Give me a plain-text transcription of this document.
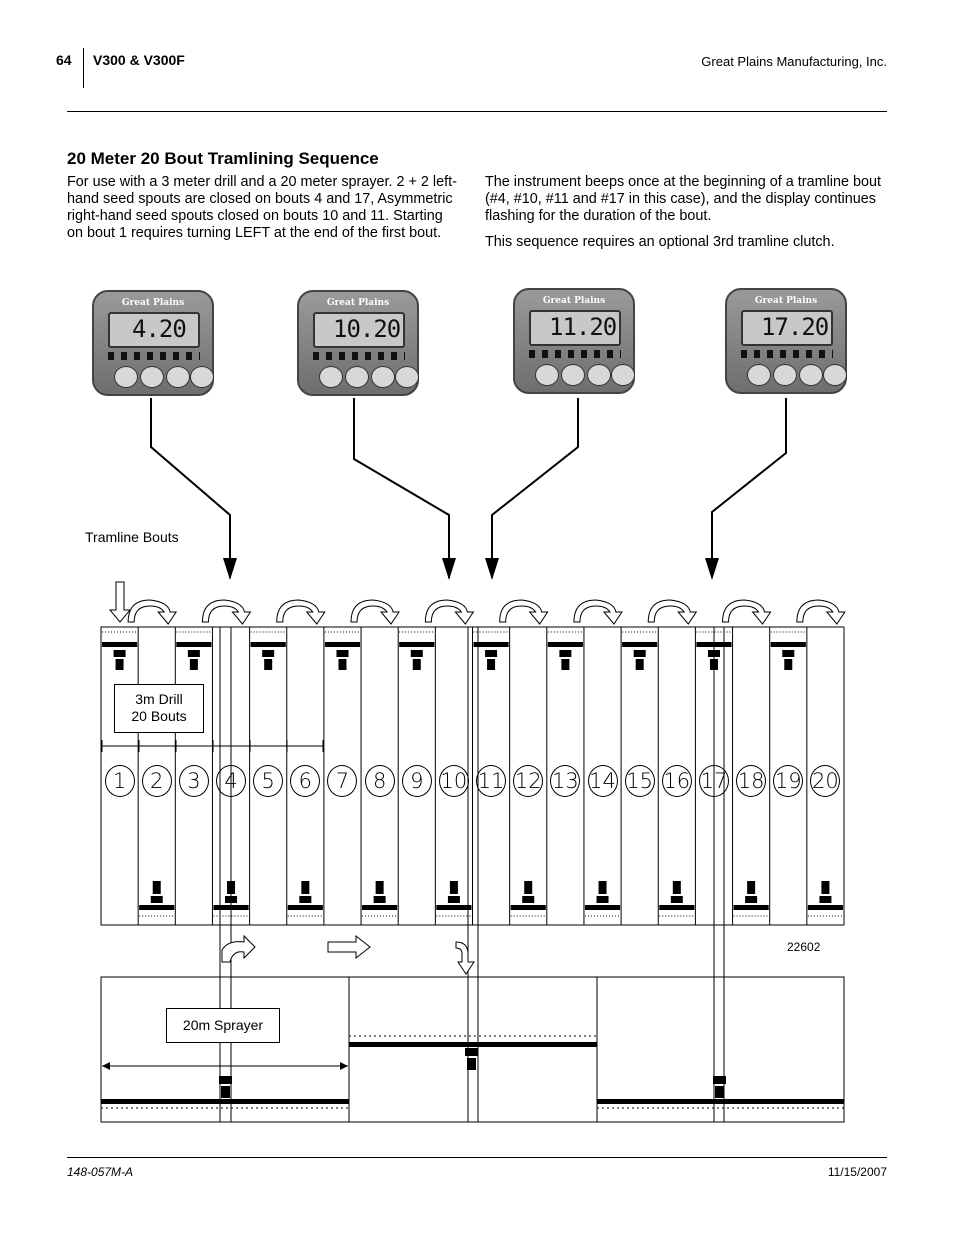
64 V300 & V300F	Great Plains Manufacturing, Inc.
20 Meter 20 Bout Tramlining Sequence
For use with a 3 meter drill and a 20 meter sprayer. 2 + 2 left-hand seed spouts are closed on bouts 4 and 17, Asymmetric right-hand seed spouts closed on bouts 10 and 11. Starting on bout 1 requires turning LEFT at the end of the first bout.
The instrument beeps once at the beginning of a tramline bout (#4, #10, #11 and #17 in this case), and the display continues flashing for the duration of the bout.
This sequence requires an optional 3rd tramline clutch.
Great Plains
4.20
Great Plains
10.20
Great Plains
11.20
Great Plains
17.20
Tramline Bouts
3m Drill
20 Bouts
1	2	3	4	5	6	7	8	9 10 11 12 13 14 15 16 17 18 19 20
22602
20m Sprayer
148-057M-A	11/15/2007
